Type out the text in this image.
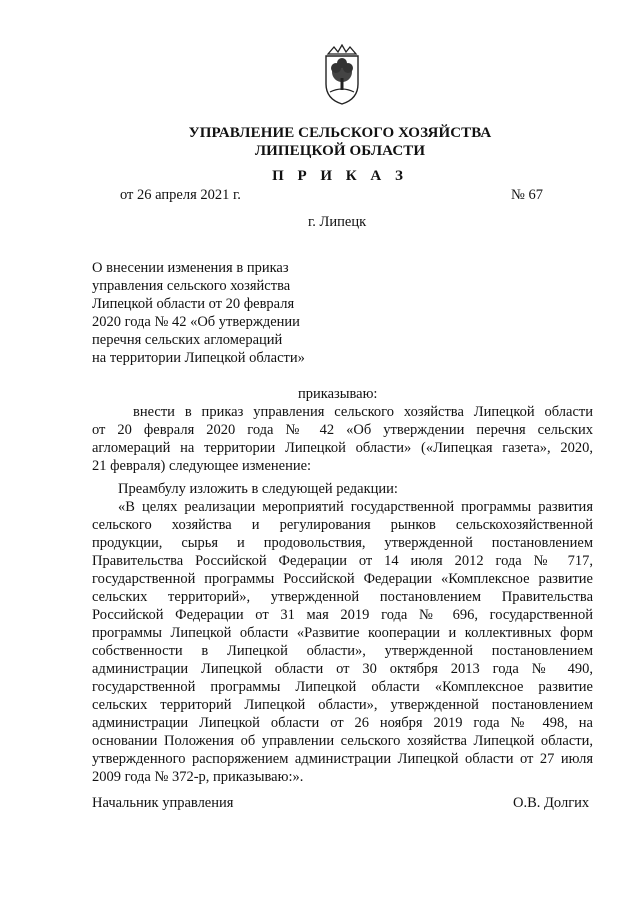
УПРАВЛЕНИЕ СЕЛЬСКОГО ХОЗЯЙСТВА
ЛИПЕЦКОЙ ОБЛАСТИ
П Р И К А З
от 26 апреля 2021 г.	№ 67
г. Липецк
О внесении изменения в приказ
управления сельского хозяйства
Липецкой области от 20 февраля
2020 года № 42 «Об утверждении
перечня сельских агломераций
на территории Липецкой области»
приказываю:
внести в приказ управления сельского хозяйства Липецкой области
от 20 февраля 2020 года № 42 «Об утверждении перечня сельских
агломераций на территории Липецкой области» («Липецкая газета», 2020,
21 февраля) следующее изменение:
Преамбулу изложить в следующей редакции:
«В целях реализации мероприятий государственной программы развития
сельского хозяйства и регулирования рынков сельскохозяйственной
продукции, сырья и продовольствия, утвержденной постановлением
Правительства Российской Федерации от 14 июля 2012 года № 717,
государственной программы Российской Федерации «Комплексное развитие
сельских территорий», утвержденной постановлением Правительства
Российской Федерации от 31 мая 2019 года № 696, государственной
программы Липецкой области «Развитие кооперации и коллективных форм
собственности в Липецкой области», утвержденной постановлением
администрации Липецкой области от 30 октября 2013 года № 490,
государственной программы Липецкой области «Комплексное развитие
сельских территорий Липецкой области», утвержденной постановлением
администрации Липецкой области от 26 ноября 2019 года № 498, на
основании Положения об управлении сельского хозяйства Липецкой области,
утвержденного распоряжением администрации Липецкой области от 27 июля
2009 года № 372-р, приказываю:».
Начальник управления	О.В. Долгих
